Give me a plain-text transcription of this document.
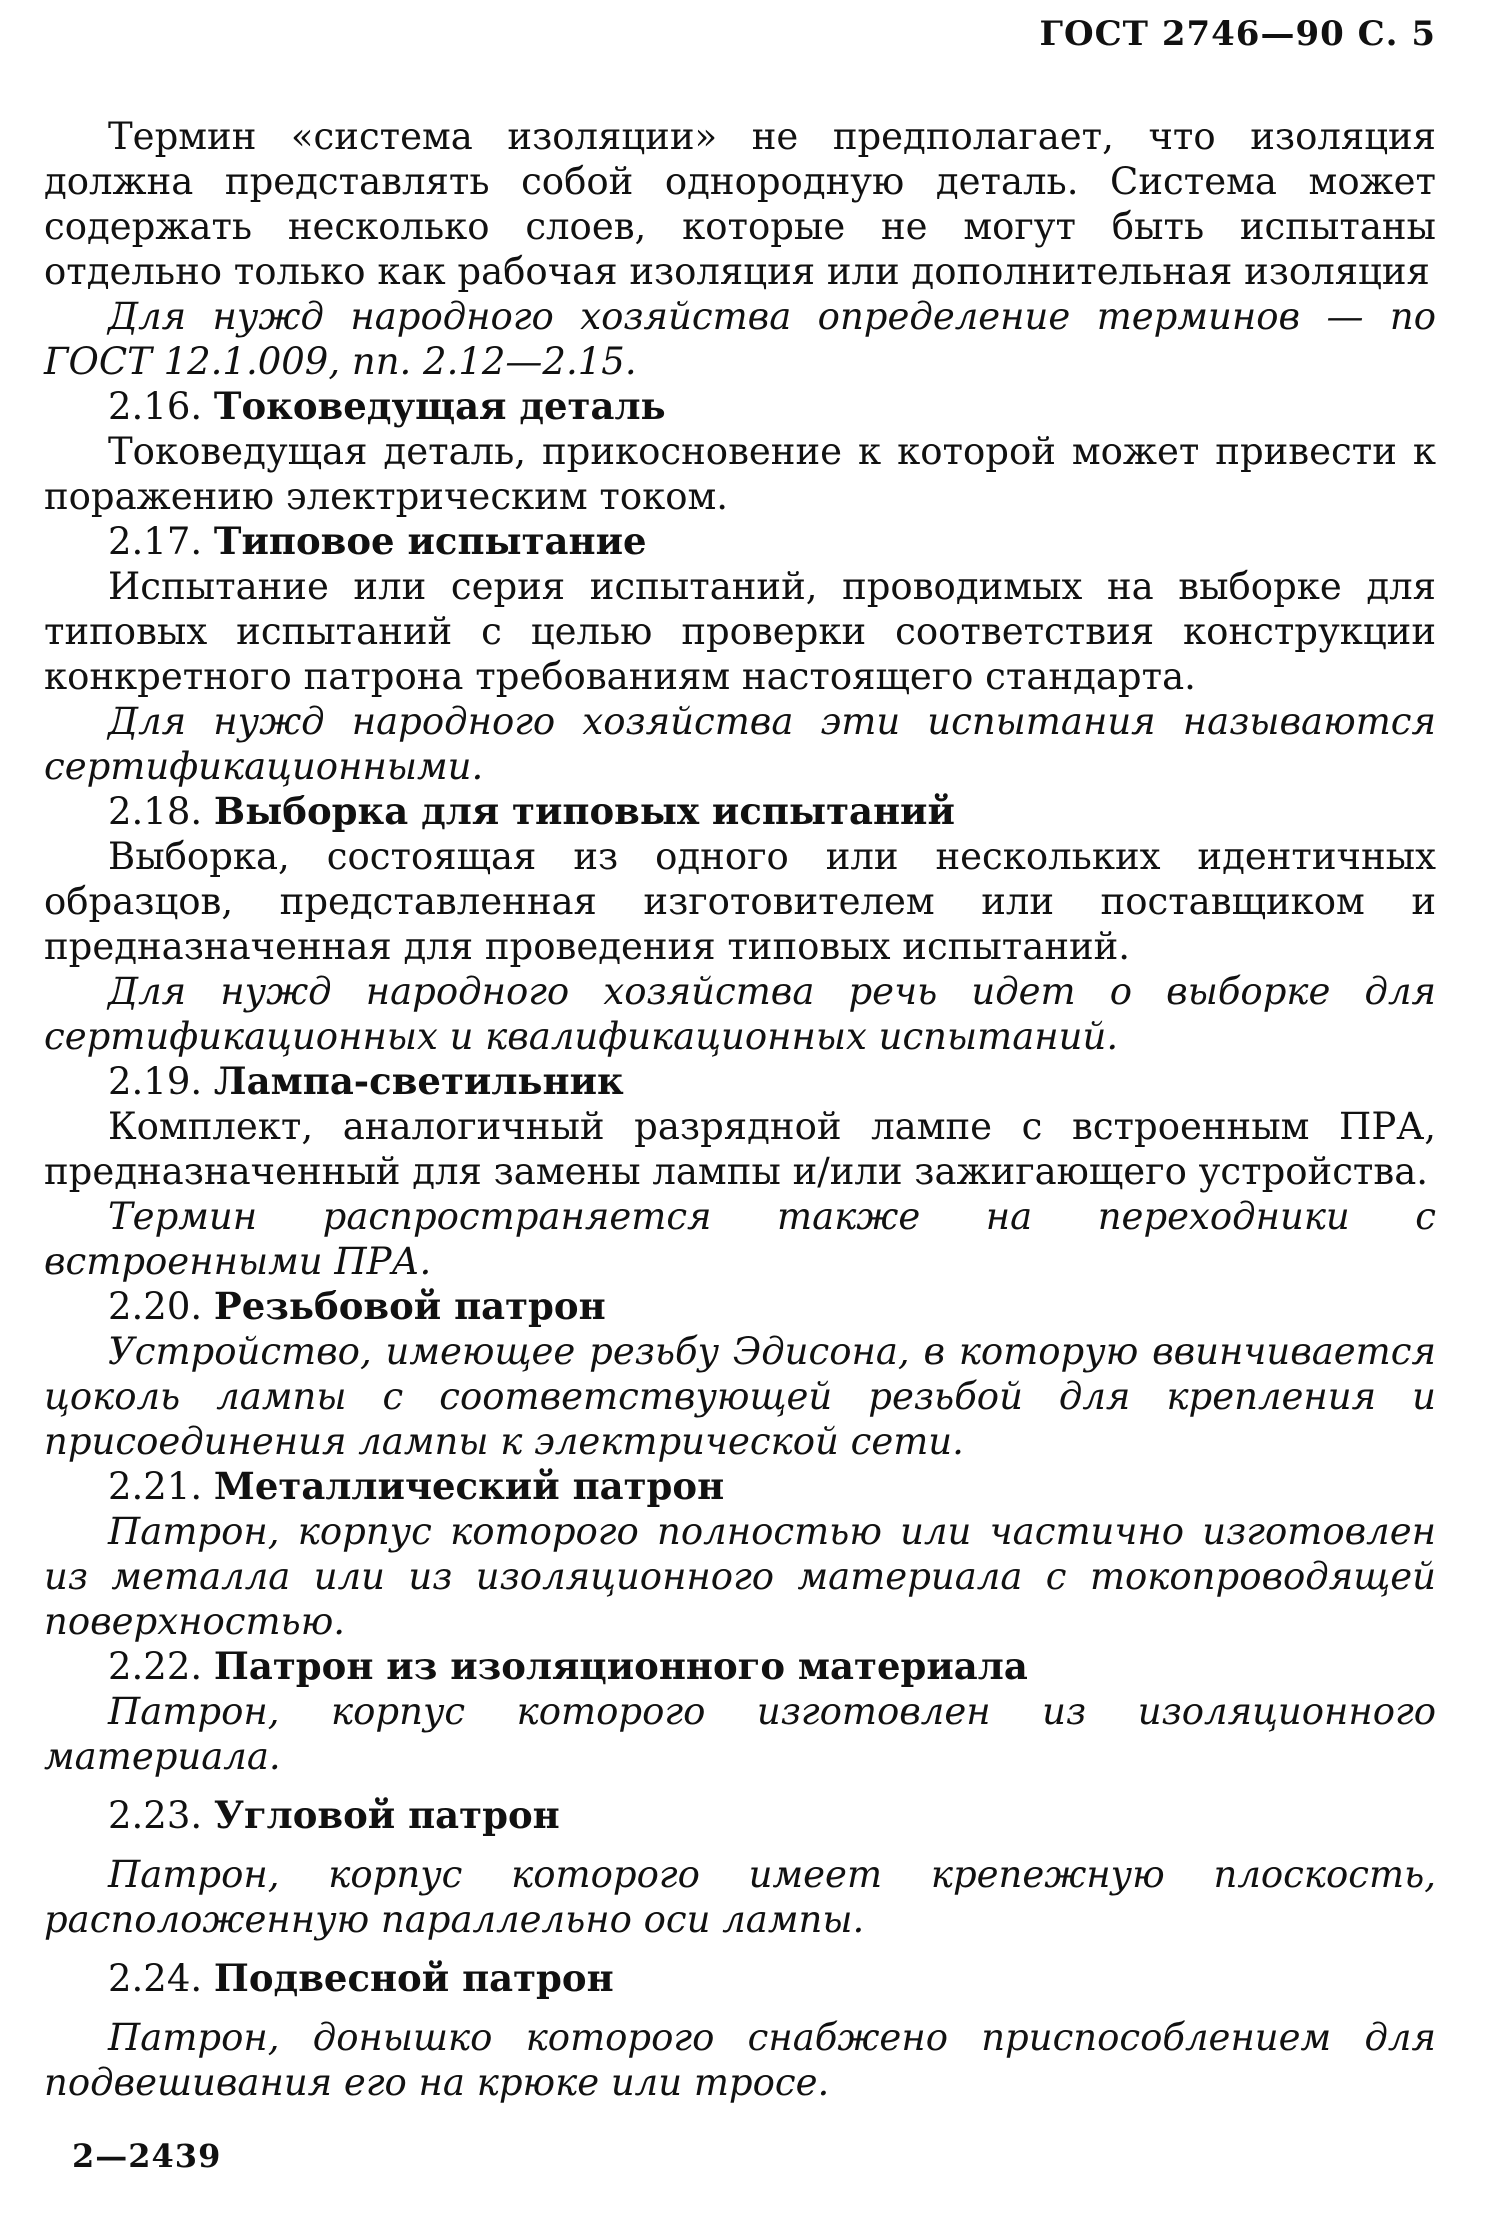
ГОСТ 2746—90 С. 5

Термин «система изоляции» не предполагает, что изоляция должна представлять собой однородную деталь. Система может содержать несколько слоев, которые не могут быть испытаны отдельно только как рабочая изоляция или дополнительная изоляция

Для нужд народного хозяйства определение терминов — по ГОСТ 12.1.009, пп. 2.12—2.15.

2.16. Токоведущая деталь

Токоведущая деталь, прикосновение к которой может привести к поражению электрическим током.

2.17. Типовое испытание

Испытание или серия испытаний, проводимых на выборке для типовых испытаний с целью проверки соответствия конструкции конкретного патрона требованиям настоящего стандарта.

Для нужд народного хозяйства эти испытания называются сертификационными.

2.18. Выборка для типовых испытаний

Выборка, состоящая из одного или нескольких идентичных образцов, представленная изготовителем или поставщиком и предназначенная для проведения типовых испытаний.

Для нужд народного хозяйства речь идет о выборке для сертификационных и квалификационных испытаний.

2.19. Лампа-светильник

Комплект, аналогичный разрядной лампе с встроенным ПРА, предназначенный для замены лампы и/или зажигающего устройства.

Термин распространяется также на переходники с встроенными ПРА.

2.20. Резьбовой патрон

Устройство, имеющее резьбу Эдисона, в которую ввинчивается цоколь лампы с соответствующей резьбой для крепления и присоединения лампы к электрической сети.

2.21. Металлический патрон

Патрон, корпус которого полностью или частично изготовлен из металла или из изоляционного материала с токопроводящей поверхностью.

2.22. Патрон из изоляционного материала

Патрон, корпус которого изготовлен из изоляционного материала.

2.23. Угловой патрон

Патрон, корпус которого имеет крепежную плоскость, расположенную параллельно оси лампы.

2.24. Подвесной патрон

Патрон, донышко которого снабжено приспособлением для подвешивания его на крюке или тросе.

2—2439
